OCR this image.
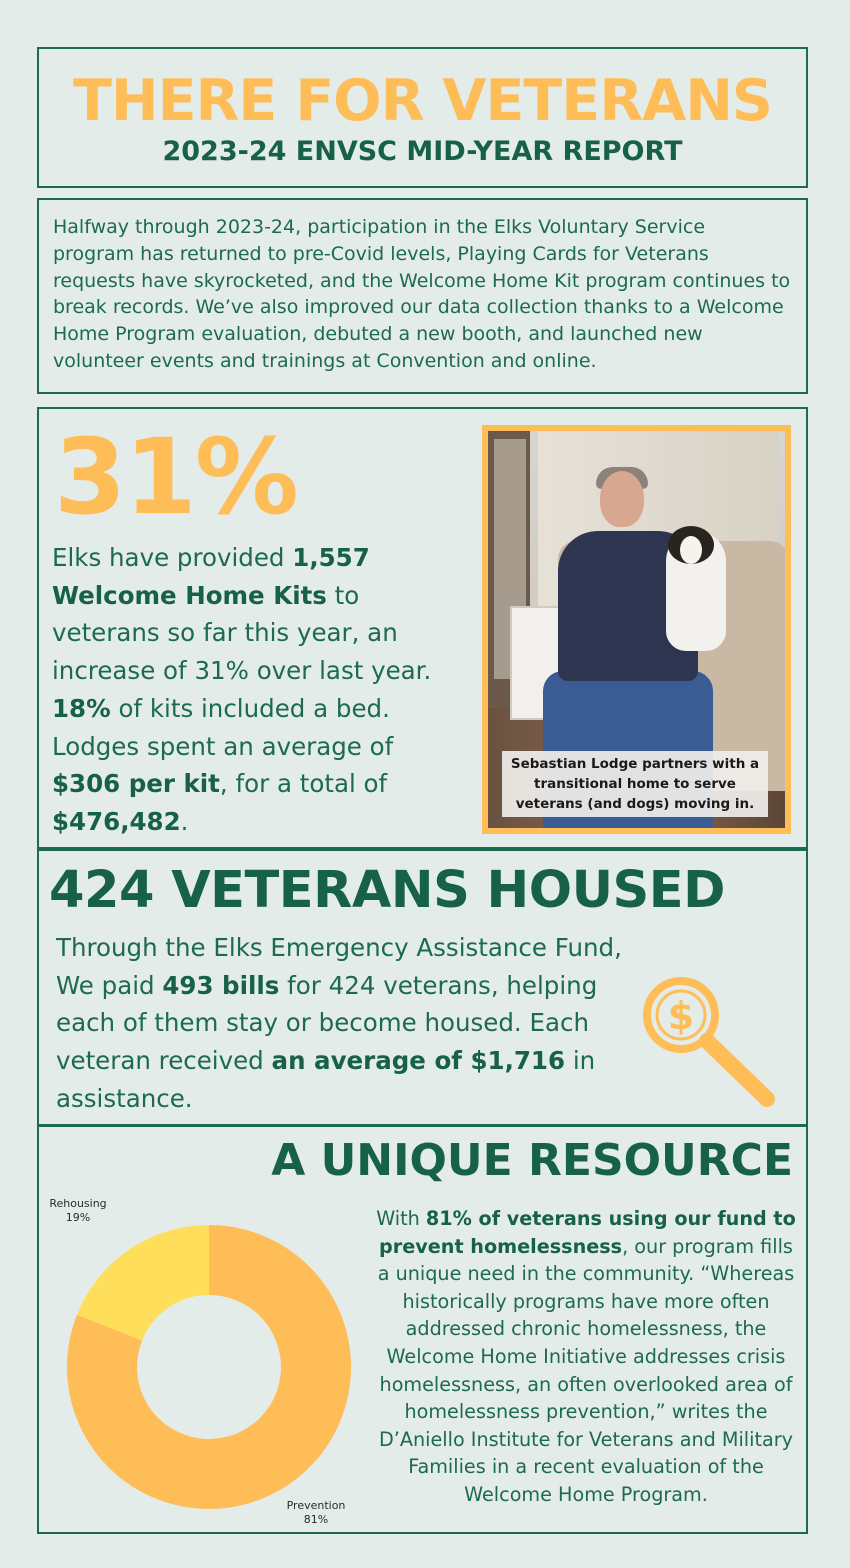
THERE FOR VETERANS
2023-24 ENVSC MID-YEAR REPORT

Halfway through 2023-24, participation in the Elks Voluntary Service program has returned to pre-Covid levels, Playing Cards for Veterans requests have skyrocketed, and the Welcome Home Kit program continues to break records. We’ve also improved our data collection thanks to a Welcome Home Program evaluation, debuted a new booth, and launched new volunteer events and trainings at Convention and online.

31%

Elks have provided 1,557 Welcome Home Kits to veterans so far this year, an increase of 31% over last year. 18% of kits included a bed. Lodges spent an average of $306 per kit, for a total of $476,482.

Sebastian Lodge partners with a transitional home to serve veterans (and dogs) moving in.
424 VETERANS HOUSED

Through the Elks Emergency Assistance Fund, We paid 493 bills for 424 veterans, helping each of them stay or become housed. Each veteran received an average of $1,716 in assistance.

$
A UNIQUE RESOURCE
Prevention 81%
Rehousing 19%	With 81% of veterans using our fund to prevent homelessness, our program fills a unique need in the community. “Whereas historically programs have more often addressed chronic homelessness, the Welcome Home Initiative addresses crisis homelessness, an often overlooked area of homelessness prevention,” writes the D’Aniello Institute for Veterans and Military Families in a recent evaluation of the Welcome Home Program.
